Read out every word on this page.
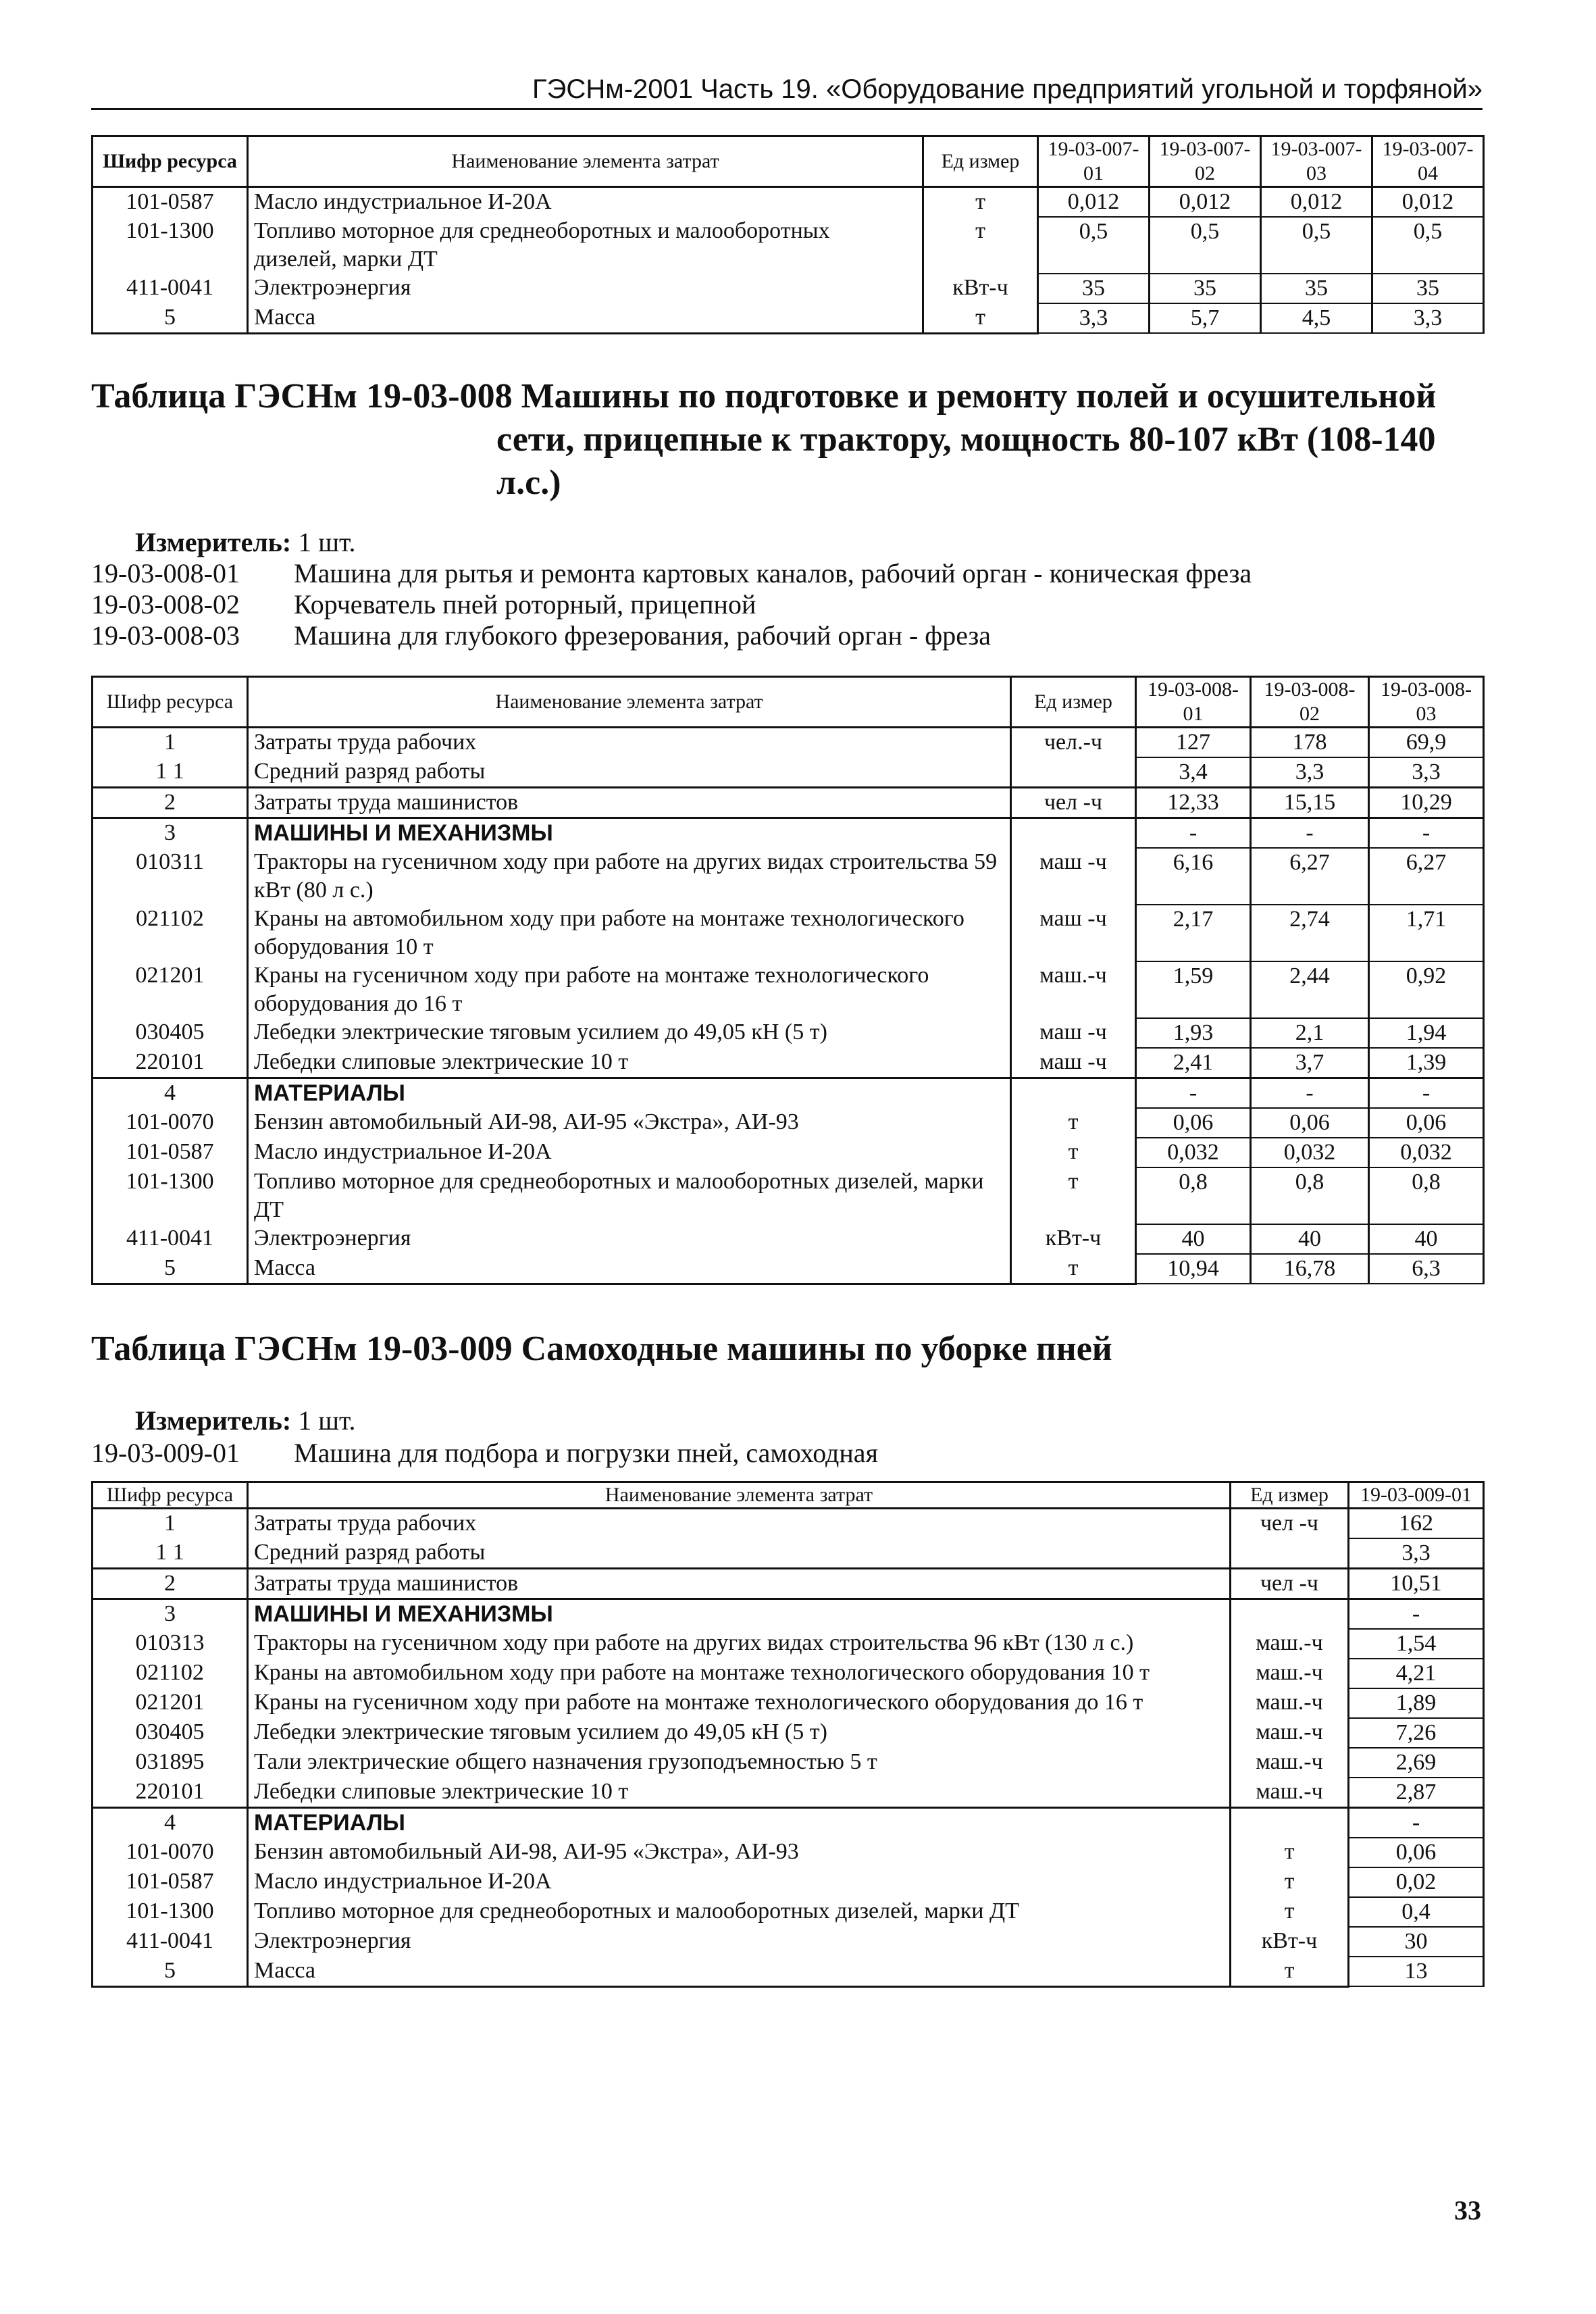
ГЭСНм-2001 Часть 19. «Оборудование предприятий угольной и торфяной»
Шифр ресурса	Наименование элемента затрат	Ед измер	19-03-007-01	19-03-007-02	19-03-007-03	19-03-007-04
101-0587	Масло индустриальное И-20А	т	0,012	0,012	0,012	0,012
101-1300	Топливо моторное для среднеоборотных и малооборотных дизелей, марки ДТ	т	0,5	0,5	0,5	0,5
411-0041	Электроэнергия	кВт-ч	35	35	35	35
5	Масса	т	3,3	5,7	4,5	3,3
Таблица ГЭСНм 19-03-008 Машины по подготовке и ремонту полей и осушительной
сети, прицепные к трактору, мощность 80-107 кВт (108-140
л.с.)
Измеритель: 1 шт.
19-03-008-01 Машина для рытья и ремонта картовых каналов, рабочий орган - коническая фреза
19-03-008-02 Корчеватель пней роторный, прицепной
19-03-008-03 Машина для глубокого фрезерования, рабочий орган - фреза
Шифр ресурса	Наименование элемента затрат	Ед измер	19-03-008-01	19-03-008-02	19-03-008-03
1	Затраты труда рабочих	чел.-ч	127	178	69,9
1 1	Средний разряд работы		3,4	3,3	3,3
2	Затраты труда машинистов	чел -ч	12,33	15,15	10,29
3	МАШИНЫ И МЕХАНИЗМЫ		-	-	-
010311	Тракторы на гусеничном ходу при работе на других видах строительства 59 кВт (80 л с.)	маш -ч	6,16	6,27	6,27
021102	Краны на автомобильном ходу при работе на монтаже технологического оборудования 10 т	маш -ч	2,17	2,74	1,71
021201	Краны на гусеничном ходу при работе на монтаже технологического оборудования до 16 т	маш.-ч	1,59	2,44	0,92
030405	Лебедки электрические тяговым усилием до 49,05 кН (5 т)	маш -ч	1,93	2,1	1,94
220101	Лебедки слиповые электрические 10 т	маш -ч	2,41	3,7	1,39
4	МАТЕРИАЛЫ		-	-	-
101-0070	Бензин автомобильный АИ-98, АИ-95 «Экстра», АИ-93	т	0,06	0,06	0,06
101-0587	Масло индустриальное И-20А	т	0,032	0,032	0,032
101-1300	Топливо моторное для среднеоборотных и малооборотных дизелей, марки ДТ	т	0,8	0,8	0,8
411-0041	Электроэнергия	кВт-ч	40	40	40
5	Масса	т	10,94	16,78	6,3
Таблица ГЭСНм 19-03-009 Самоходные машины по уборке пней
Измеритель: 1 шт.
19-03-009-01 Машина для подбора и погрузки пней, самоходная
Шифр ресурса	Наименование элемента затрат	Ед измер	19-03-009-01
1	Затраты труда рабочих	чел -ч	162
1 1	Средний разряд работы		3,3
2	Затраты труда машинистов	чел -ч	10,51
3	МАШИНЫ И МЕХАНИЗМЫ		-
010313	Тракторы на гусеничном ходу при работе на других видах строительства 96 кВт (130 л с.)	маш.-ч	1,54
021102	Краны на автомобильном ходу при работе на монтаже технологического оборудования 10 т	маш.-ч	4,21
021201	Краны на гусеничном ходу при работе на монтаже технологического оборудования до 16 т	маш.-ч	1,89
030405	Лебедки электрические тяговым усилием до 49,05 кН (5 т)	маш.-ч	7,26
031895	Тали электрические общего назначения грузоподъемностью 5 т	маш.-ч	2,69
220101	Лебедки слиповые электрические 10 т	маш.-ч	2,87
4	МАТЕРИАЛЫ		-
101-0070	Бензин автомобильный АИ-98, АИ-95 «Экстра», АИ-93	т	0,06
101-0587	Масло индустриальное И-20А	т	0,02
101-1300	Топливо моторное для среднеоборотных и малооборотных дизелей, марки ДТ	т	0,4
411-0041	Электроэнергия	кВт-ч	30
5	Масса	т	13
33
